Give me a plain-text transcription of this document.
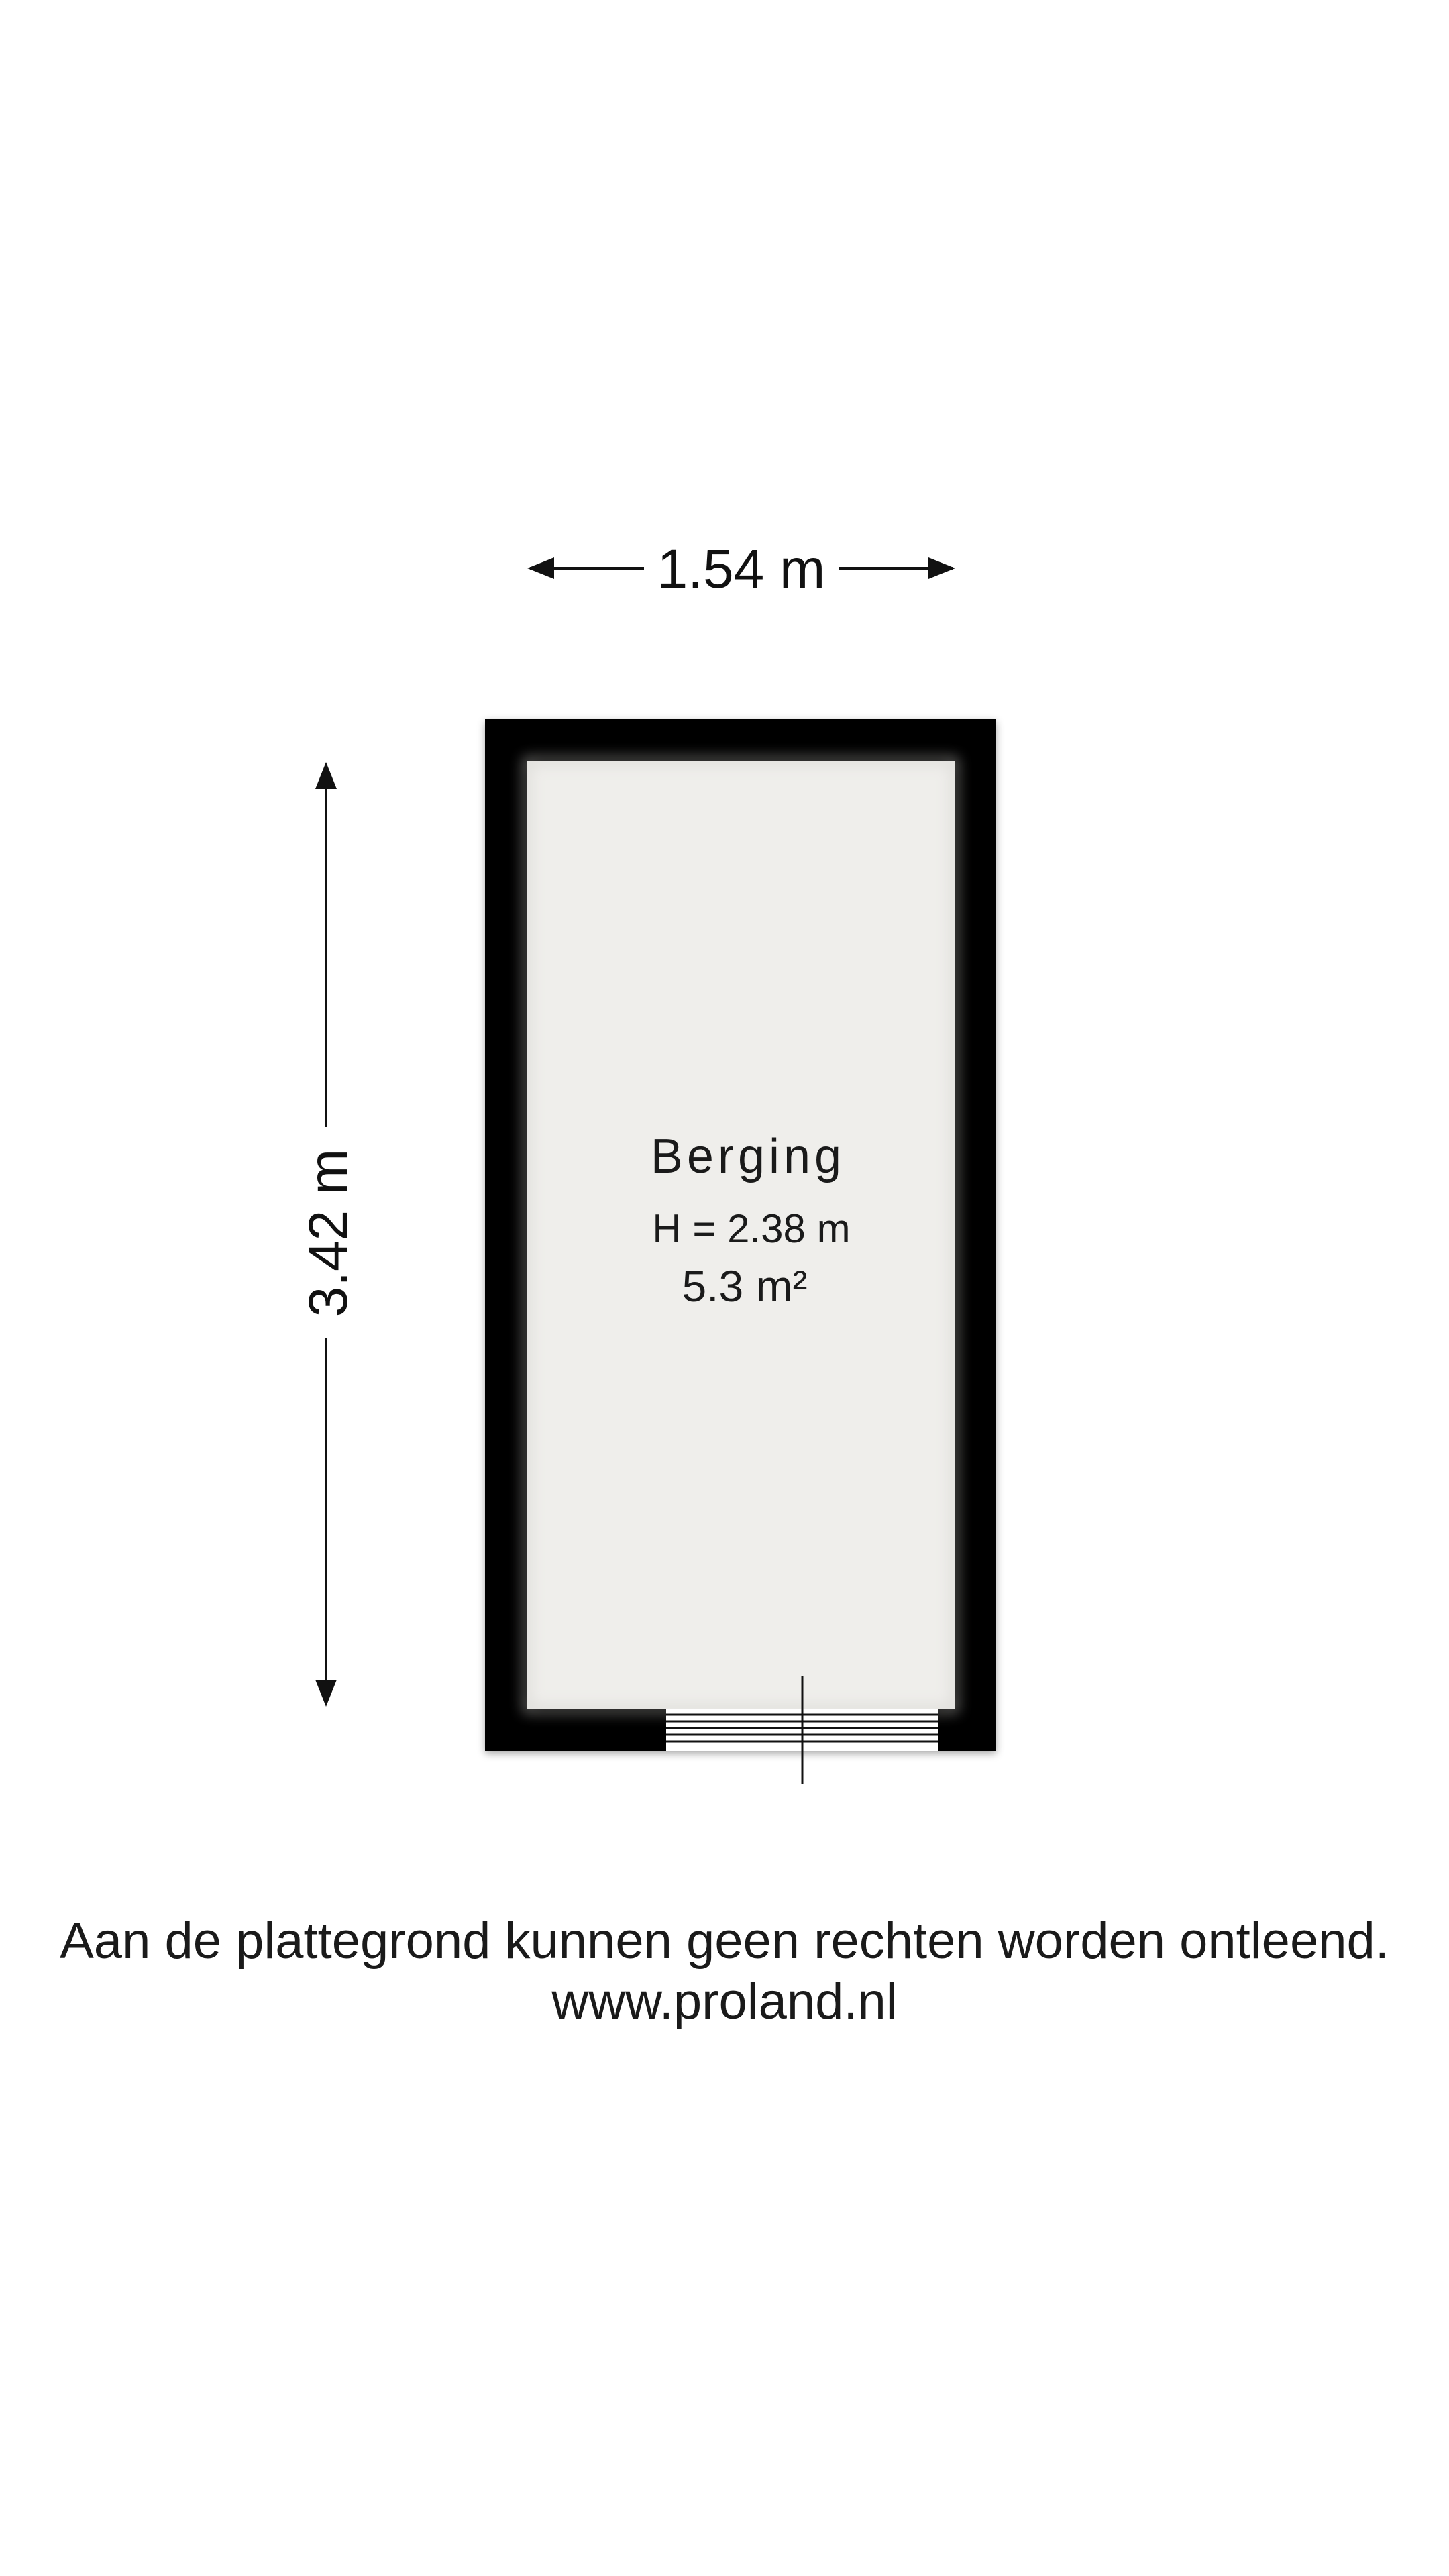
1.54 m
3.42 m	Berging
H = 2.38 m
5.3 m²
Aan de plattegrond kunnen geen rechten worden ontleend.
www.proland.nl
